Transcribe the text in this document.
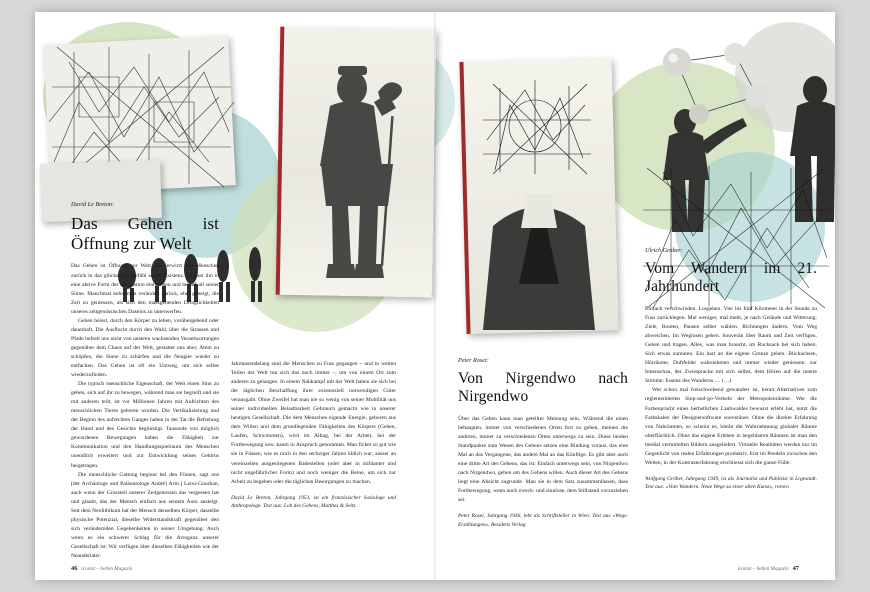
David Le Breton:
Das Gehen ist Öffnung zur Welt

Das Gehen ist Öffnung zur Welt. Es verwirrt den Menschen zurück in das glückselige Gefühl seiner Existenz. Es lässt ihn in eine aktive Form der Meditation eintauchen und bedarf all seiner Sinne. Manchmal kehrt man verändert zurück, eher geneigt, die Zeit zu geniessen, als sich den massgebenden Dringlichkeiten unseres zeitgenössischen Daseins zu unterwerfen.

Gehen heisst, durch den Körper zu leben, vorübergehend oder dauerhaft. Die Ausflucht durch den Wald, über die Strassen und Pfade befreit uns nicht von unseren wachsenden Verantwortungen gegenüber dem Chaos auf der Welt, gestattet uns aber, Atem zu schöpfen, die Sinne zu schärfen und die Neugier wieder zu entfachen. Das Gehen ist oft ein Umweg, um sich selbst wiederzufinden.

Die typisch menschliche Eigenschaft, der Welt einen Sinn zu geben, sich auf ihr zu bewegen, während man sie begreift und sie mit anderen teilt, ist vor Millionen Jahren mit Aufrichten des menschlichen Tieres geboren worden. Die Vertikalisierung und der Beginn des aufrechten Ganges haben in der Tat die Befreiung der Hand und des Gesichts begünstigt. Tausende von möglich gewordenen Bewegungen haben die Fähigkeit zur Kommunikation und den Handlungsspielraum des Menschen unendlich erweitert und zur Entwicklung seines Gehirns beigetragen.

Die menschliche Gattung beginnt bei den Füssen, sagt uns [der Archäologe und Paläontologe André] Arm.] Leroi-Gourhan, auch wenn der Grossteil unserer Zeitgenossen das vergessen hat und glaubt, das der Mensch einfach aus seinem Auto austeigt. Seit dem Neolithikum hat der Mensch denselben Körper, dasselbe physische Potenzial, dieselbe Widerstandskraft gegenüber den sich verändernden Gegebenheiten in seiner Umgebung. Auch wenn es ein schwerer Schlag für die Arroganz unserer Gesellschaft ist: Wir verfügen über dieselben Fähigkeiten wie der Neandertaler.

Jahrtausendelang sind die Menschen zu Fuss gegangen – und in weiten Teilen der Welt tun sich das noch immer –, um von einem Ort zum anderen zu gelangen. In einem Nahkampf mit der Welt haben sie sich bei der täglichen Beschaffung ihrer existenziell notwendigen Güter verausgabt. Ohne Zweifel hat man nie so wenig von seiner Mobilität uns seiner individuellen Belastbarkeit Gebrauch gemacht wie in unserer heutigen Gesellschaft. Die dem Menschen eigende Energie, geboren aus dem Willen und dem grundlegenden Fähigkeiten des Körpers (Gehen, Laufen, Schwimmen), wird im Alltag, bei der Arbeit, bei der Fortbewegung usw. kaum in Anspruch genommen. Man ficket so gut wie sie in Füssen, wie es noch in den sechziger Jahren üblich war, ausser an vereinzelten ausgestiegenen Badestellen (oder aber in militanter und nicht ungefährlicher Form) und noch weniger die Beine, um sich zur Arbeit zu begeben oder die täglichen Besorgungen zu machen.

David Le Breton, Jahrgang 1953, ist ein französischer Soziologe und Anthropologe. Text aus: Lob des Gehens, Matthes & Seitz
Peter Rosei:
Von Nirgendwo nach Nirgendwo

Über das Gehen kann man geteilter Meinung sein. Während die einen behaupten, immer von verschiedenen Orten fort zu gehen, meinen die anderen, immer zu verschiedenen Orten unterwegs zu sein. Diese beiden Standpunkte zum Wesen des Gehens setzen eine Bindung voraus, das eine Mal an das Vergangene, das andere Mal an das Künftige. Es gibt aber auch eine dritte Art des Gehens, das ist: Einfach unterwegs sein, von Nirgendwo nach Nirgendwo, gehen um des Gehens willen. Auch dieser Art des Gehens liegt eine Absicht zugrunde. Man sie in dem Satz zusammenfassen, dass Fortbewegung, wenn auch zweck- und sinnlose, dem Stillstand vorzuziehen sei.

Peter Rosei, Jahrgang 1946, lebt als Schriftsteller in Wien. Text aus «Wege. Erzählungen», Residenz Verlag
Ulrich Grober:
Vom Wandern im 21. Jahrhundert

Einfach verschwinden. Losgehen. Vier bis fünf Kilometer in der Stunde zu Fuss zurücklegen. Mal weniger, mal mehr, je nach Gelände und Witterung. Ziele, Routen, Pausen selber wählen. Richtungen ändern. Vom Weg abweichen. Im Weglosen gehen. Souverän über Raum und Zeit verfügen. Gehen und tragen. Alles, was man braucht, im Rucksack bei sich haben. Sich etwas zumuten. Ein hart an die eigene Grenze gehen. Blickachsen, Hörräume, Duftfelder wahrnehmen und immer wieder geniessen: zur Innenschau, der Zwiesprache mit sich selbst, dem Hören auf die innere Stimme: Essenz des Wanderns … (…)

Wer schon mal freischwebend gewandert ist, kennt Alternativen zum reglementierten Stop-and-go-Verkehr der Metropolenräume. Wer die Farbenpracht eines herbstlichen Laubwaldes bewusst erlebt hat, nutzt die Farbskalen der Designersoftware souveräner. Ohne die direkte Erfahrung von Nahräumen, so scheint es, bleibt die Wahrnehmung globaler Räume oberflächlich. Ohne das eigene Erleben in begehbaren Räumen ist man den medial vermittelten Bildern ausgeliefert. Virtuelle Realitäten werden nur im Gegenlicht von realen Erfahrungen produktiv. Erst im Pendeln zwischen den Welten, in der Kontrasterfahrung erschliesst sich die ganze Fülle.

Wolfgang Gröber, Jahrgang 1949, ist als Journalist und Publizist in Lrgestadt. Text aus: «Vom Wandern. Neue Wege zu einer alten Kunst», rororo
46 iconist – bellen Magazin	iconist – bellen Magazin 47
